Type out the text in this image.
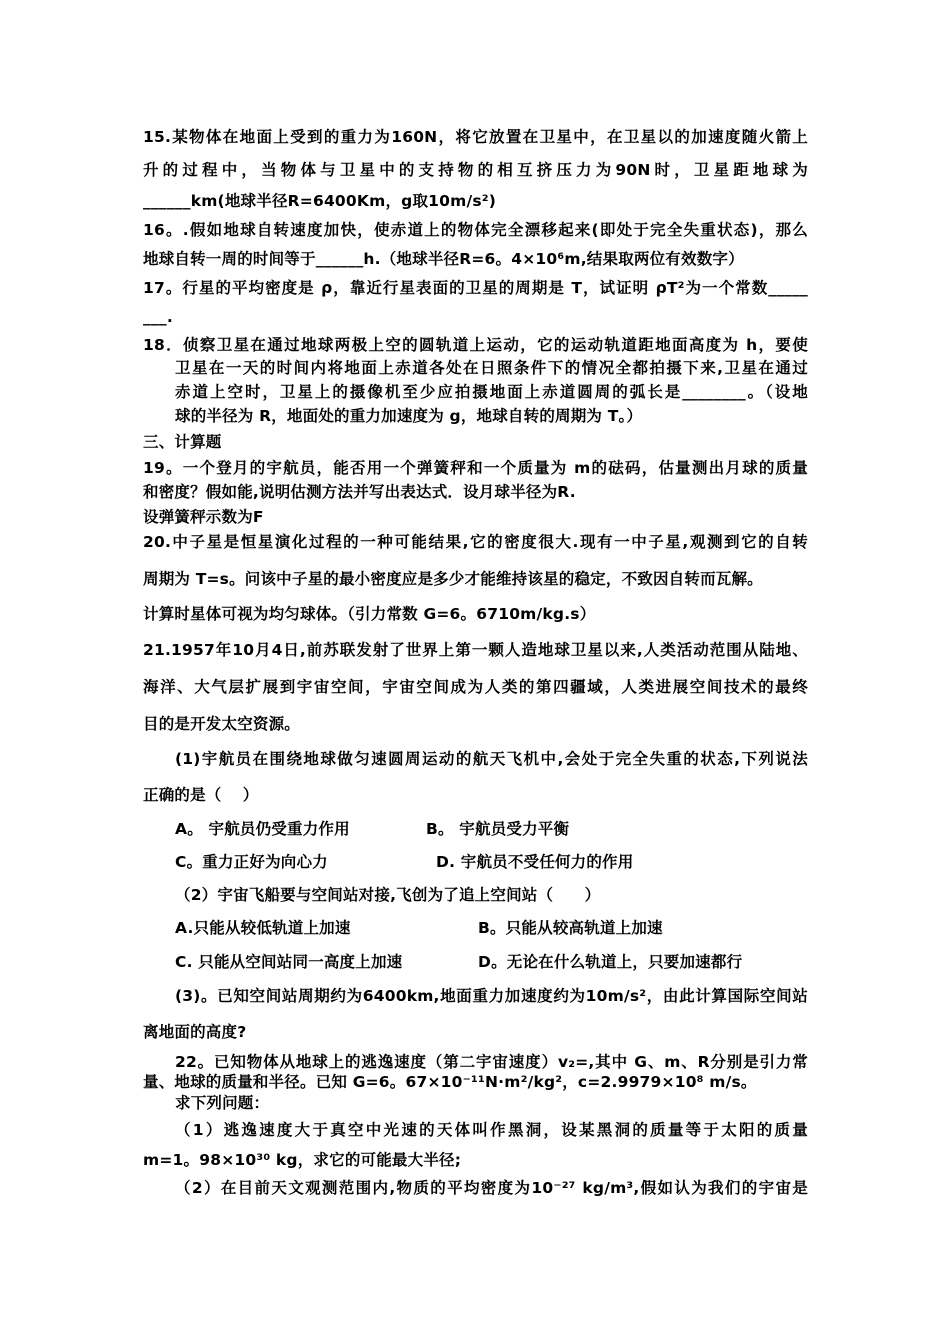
15.某物体在地面上受到的重力为160N，将它放置在卫星中，在卫星以的加速度随火箭上
升的过程中，当物体与卫星中的支持物的相互挤压力为90N时，卫星距地球为
______km(地球半径R=6400Km，g取10m/s²)
16。.假如地球自转速度加快，使赤道上的物体完全漂移起来(即处于完全失重状态)，那么
地球自转一周的时间等于______h.（地球半径R=6。4×10⁶m,结果取两位有效数字）
17。行星的平均密度是 ρ，靠近行星表面的卫星的周期是 T，试证明 ρT²为一个常数_____
___.
18．侦察卫星在通过地球两极上空的圆轨道上运动，它的运动轨道距地面高度为 h，要使
卫星在一天的时间内将地面上赤道各处在日照条件下的情况全都拍摄下来,卫星在通过
赤道上空时，卫星上的摄像机至少应拍摄地面上赤道圆周的弧长是________。（设地
球的半径为 R，地面处的重力加速度为 g，地球自转的周期为 T。）
三、计算题
19。一个登月的宇航员，能否用一个弹簧秤和一个质量为 m的砝码，估量测出月球的质量
和密度？假如能,说明估测方法并写出表达式．设月球半径为R.
设弹簧秤示数为F
20.中子星是恒星演化过程的一种可能结果,它的密度很大.现有一中子星,观测到它的自转
周期为 T=s。问该中子星的最小密度应是多少才能维持该星的稳定，不致因自转而瓦解。
计算时星体可视为均匀球体。（引力常数 G=6。6710m/kg.s）
21.1957年10月4日,前苏联发射了世界上第一颗人造地球卫星以来,人类活动范围从陆地、
海洋、大气层扩展到宇宙空间，宇宙空间成为人类的第四疆域，人类进展空间技术的最终
目的是开发太空资源。
(1)宇航员在围绕地球做匀速圆周运动的航天飞机中,会处于完全失重的状态,下列说法
正确的是（　 ）
A。 宇航员仍受重力作用	B。 宇航员受力平衡
C。重力正好为向心力	D. 宇航员不受任何力的作用
（2）宇宙飞船要与空间站对接,飞创为了追上空间站（　　）
A.只能从较低轨道上加速	B。只能从较高轨道上加速
C. 只能从空间站同一高度上加速	D。无论在什么轨道上，只要加速都行
(3)。已知空间站周期约为6400km,地面重力加速度约为10m/s²，由此计算国际空间站
离地面的高度?
22。已知物体从地球上的逃逸速度（第二宇宙速度）v₂=,其中 G、m、R分别是引力常
量、地球的质量和半径。已知 G=6。67×10⁻¹¹N·m²/kg²，c=2.9979×10⁸ m/s。
求下列问题：
（1）逃逸速度大于真空中光速的天体叫作黑洞，设某黑洞的质量等于太阳的质量
m=1。98×10³⁰ kg，求它的可能最大半径;
（2）在目前天文观测范围内,物质的平均密度为10⁻²⁷ kg/m³,假如认为我们的宇宙是
